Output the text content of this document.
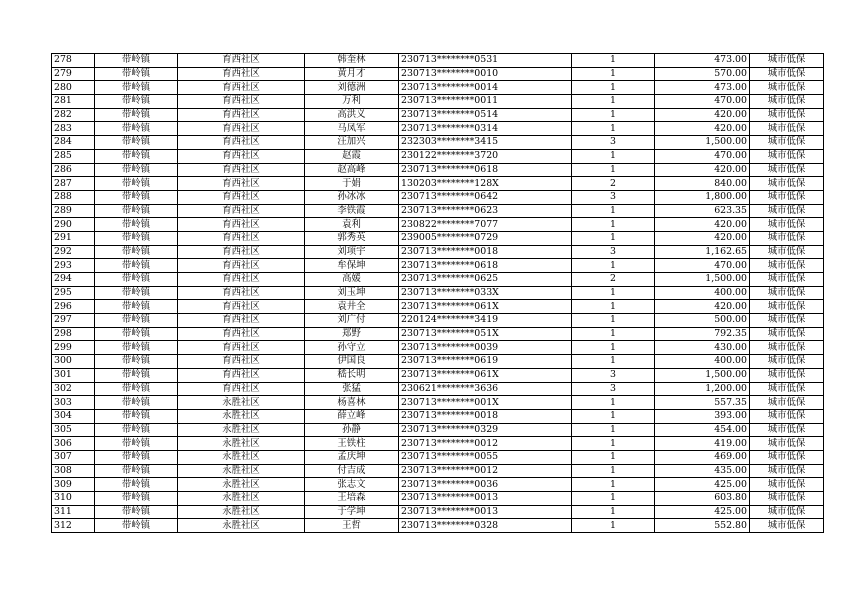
278	带岭镇	育西社区	韩奎林	230713********0531	1	473.00	城市低保
279	带岭镇	育西社区	黄月才	230713********0010	1	570.00	城市低保
280	带岭镇	育西社区	刘德洲	230713********0014	1	473.00	城市低保
281	带岭镇	育西社区	万利	230713********0011	1	470.00	城市低保
282	带岭镇	育西社区	高洪义	230713********0514	1	420.00	城市低保
283	带岭镇	育西社区	马凤军	230713********0314	1	420.00	城市低保
284	带岭镇	育西社区	汪加兴	232303********3415	3	1,500.00	城市低保
285	带岭镇	育西社区	赵霞	230122********3720	1	470.00	城市低保
286	带岭镇	育西社区	赵高峰	230713********0618	1	420.00	城市低保
287	带岭镇	育西社区	于娟	130203********128X	2	840.00	城市低保
288	带岭镇	育西社区	孙冰冰	230713********0642	3	1,800.00	城市低保
289	带岭镇	育西社区	李铁霞	230713********0623	1	623.35	城市低保
290	带岭镇	育西社区	袁利	230822********7077	1	420.00	城市低保
291	带岭镇	育西社区	郭秀英	239005********0729	1	420.00	城市低保
292	带岭镇	育西社区	刘项宇	230713********0018	3	1,162.65	城市低保
293	带岭镇	育西社区	牟保坤	230713********0618	1	470.00	城市低保
294	带岭镇	育西社区	高媛	230713********0625	2	1,500.00	城市低保
295	带岭镇	育西社区	刘玉坤	230713********033X	1	400.00	城市低保
296	带岭镇	育西社区	袁井全	230713********061X	1	420.00	城市低保
297	带岭镇	育西社区	刘广付	220124********3419	1	500.00	城市低保
298	带岭镇	育西社区	郑野	230713********051X	1	792.35	城市低保
299	带岭镇	育西社区	孙守立	230713********0039	1	430.00	城市低保
300	带岭镇	育西社区	伊国良	230713********0619	1	400.00	城市低保
301	带岭镇	育西社区	嵇长明	230713********061X	3	1,500.00	城市低保
302	带岭镇	育西社区	张猛	230621********3636	3	1,200.00	城市低保
303	带岭镇	永胜社区	杨喜林	230713********001X	1	557.35	城市低保
304	带岭镇	永胜社区	薛立峰	230713********0018	1	393.00	城市低保
305	带岭镇	永胜社区	孙静	230713********0329	1	454.00	城市低保
306	带岭镇	永胜社区	王铁柱	230713********0012	1	419.00	城市低保
307	带岭镇	永胜社区	孟庆坤	230713********0055	1	469.00	城市低保
308	带岭镇	永胜社区	付吉成	230713********0012	1	435.00	城市低保
309	带岭镇	永胜社区	张志文	230713********0036	1	425.00	城市低保
310	带岭镇	永胜社区	王培森	230713********0013	1	603.80	城市低保
311	带岭镇	永胜社区	于学坤	230713********0013	1	425.00	城市低保
312	带岭镇	永胜社区	王哲	230713********0328	1	552.80	城市低保
